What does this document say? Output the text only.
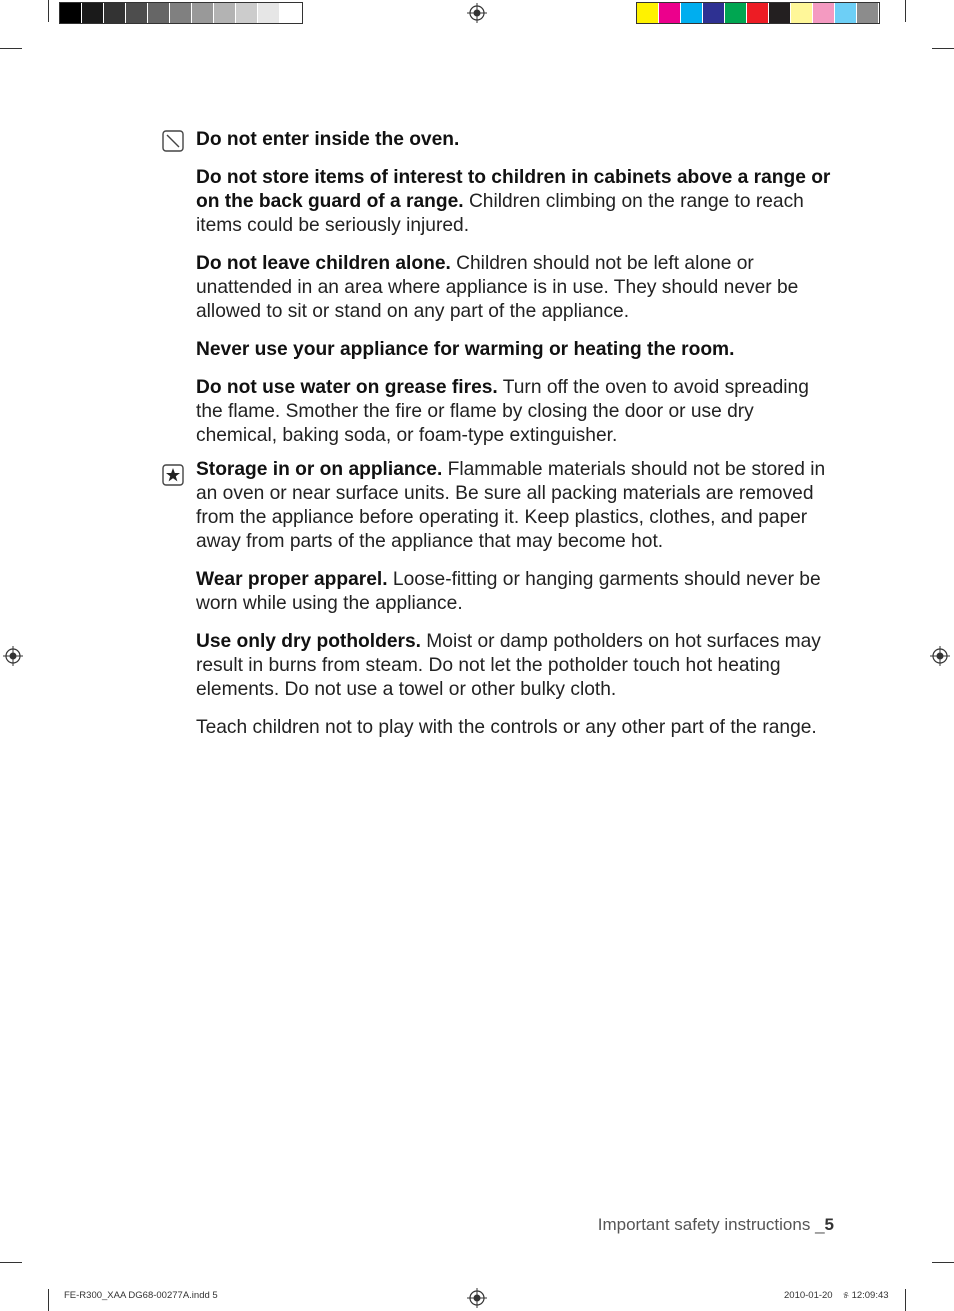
Do not enter inside the oven.

Do not store items of interest to children in cabinets above a range or on the back guard of a range. Children climbing on the range to reach items could be seriously injured.

Do not leave children alone. Children should not be left alone or unattended in an area where appliance is in use. They should never be allowed to sit or stand on any part of the appliance.

Never use your appliance for warming or heating the room.

Do not use water on grease fires. Turn off the oven to avoid spreading the flame. Smother the fire or flame by closing the door or use dry chemical, baking soda, or foam-type extinguisher.

Storage in or on appliance. Flammable materials should not be stored in an oven or near surface units. Be sure all packing materials are removed from the appliance before operating it. Keep plastics, clothes, and paper away from parts of the appliance that may become hot.

Wear proper apparel. Loose-fitting or hanging garments should never be worn while using the appliance.

Use only dry potholders. Moist or damp potholders on hot surfaces may result in burns from steam. Do not let the potholder touch hot heating elements. Do not use a towel or other bulky cloth.

Teach children not to play with the controls or any other part of the range.

Important safety instructions _5
FE-R300_XAA DG68-00277A.indd 5	2010-01-20 ୫ 12:09:43
